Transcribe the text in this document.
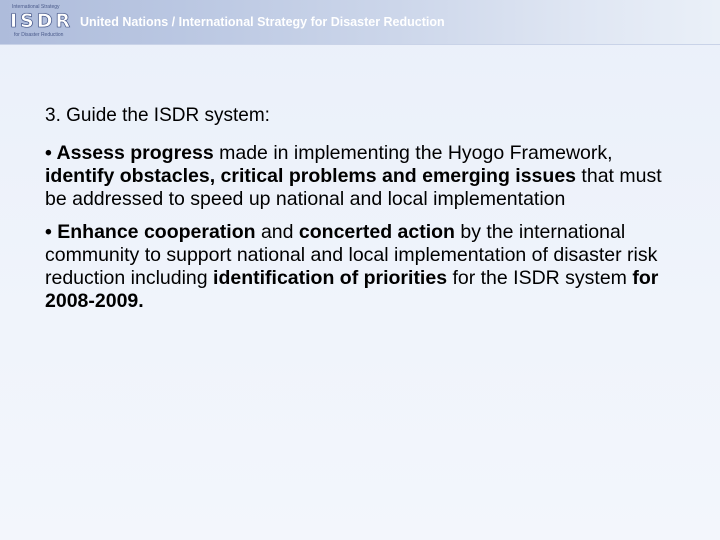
International Strategy
ISDR
for Disaster Reduction
United Nations / International Strategy for Disaster Reduction

3. Guide the ISDR system:

• Assess progress made in implementing the Hyogo Framework, identify obstacles, critical problems and emerging issues that must be addressed to speed up national and local implementation

• Enhance cooperation and concerted action by the international community to support national and local implementation of disaster risk reduction including identification of priorities for the ISDR system for 2008-2009.
